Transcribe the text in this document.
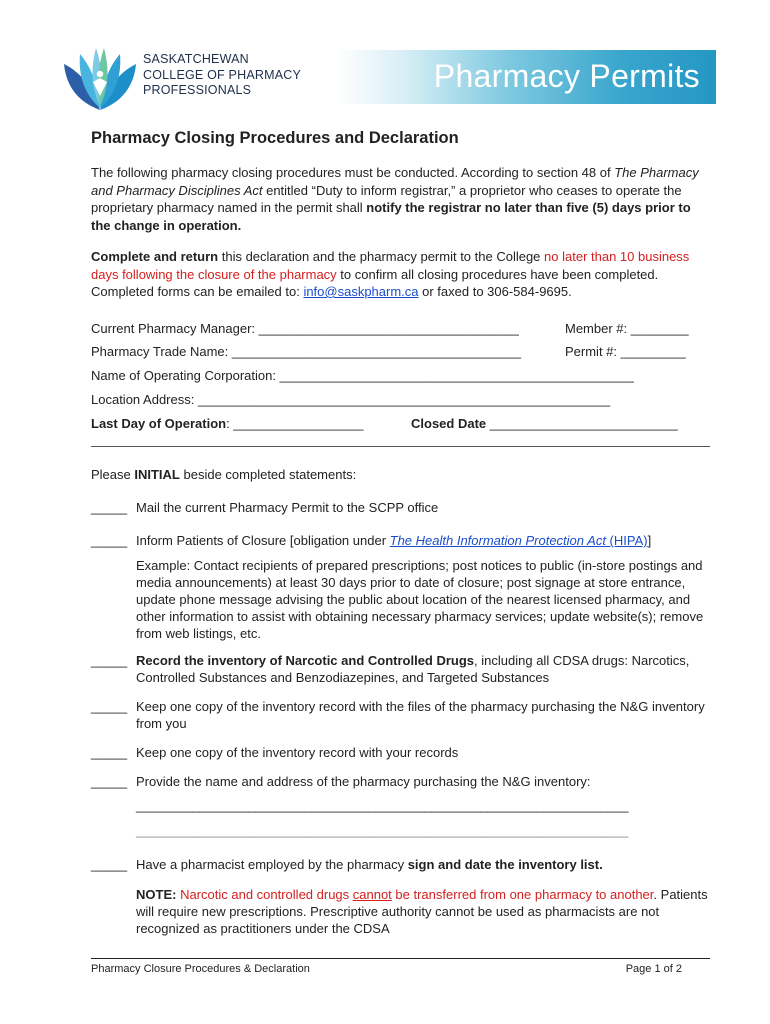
SASKATCHEWAN
COLLEGE OF PHARMACY
PROFESSIONALS	Pharmacy Permits
Pharmacy Closing Procedures and Declaration
The following pharmacy closing procedures must be conducted. According to section 48 of The Pharmacy and Pharmacy Disciplines Act entitled “Duty to inform registrar,” a proprietor who ceases to operate the proprietary pharmacy named in the permit shall notify the registrar no later than five (5) days prior to the change in operation.
Complete and return this declaration and the pharmacy permit to the College no later than 10 business days following the closure of the pharmacy to confirm all closing procedures have been completed. Completed forms can be emailed to: info@saskpharm.ca or faxed to 306-584-9695.
Current Pharmacy Manager: ____________________________________	Member #: ________
Pharmacy Trade Name: ________________________________________	Permit #: _________
Name of Operating Corporation: _________________________________________________
Location Address: _________________________________________________________
Last Day of Operation: __________________	Closed Date __________________________
Please INITIAL beside completed statements:
_____ Mail the current Pharmacy Permit to the SCPP office
_____ Inform Patients of Closure [obligation under The Health Information Protection Act (HIPA)]
Example: Contact recipients of prepared prescriptions; post notices to public (in-store postings and media announcements) at least 30 days prior to date of closure; post signage at store entrance, update phone message advising the public about location of the nearest licensed pharmacy, and other information to assist with obtaining necessary pharmacy services; update website(s); remove from web listings, etc.
_____ Record the inventory of Narcotic and Controlled Drugs, including all CDSA drugs: Narcotics, Controlled Substances and Benzodiazepines, and Targeted Substances
_____ Keep one copy of the inventory record with the files of the pharmacy purchasing the N&G inventory from you
_____ Keep one copy of the inventory record with your records
_____ Provide the name and address of the pharmacy purchasing the N&G inventory:
______________________________________________________________________
______________________________________________________________________
_____ Have a pharmacist employed by the pharmacy sign and date the inventory list.
NOTE: Narcotic and controlled drugs cannot be transferred from one pharmacy to another. Patients will require new prescriptions. Prescriptive authority cannot be used as pharmacists are not recognized as practitioners under the CDSA
Pharmacy Closure Procedures & Declaration	Page 1 of 2
